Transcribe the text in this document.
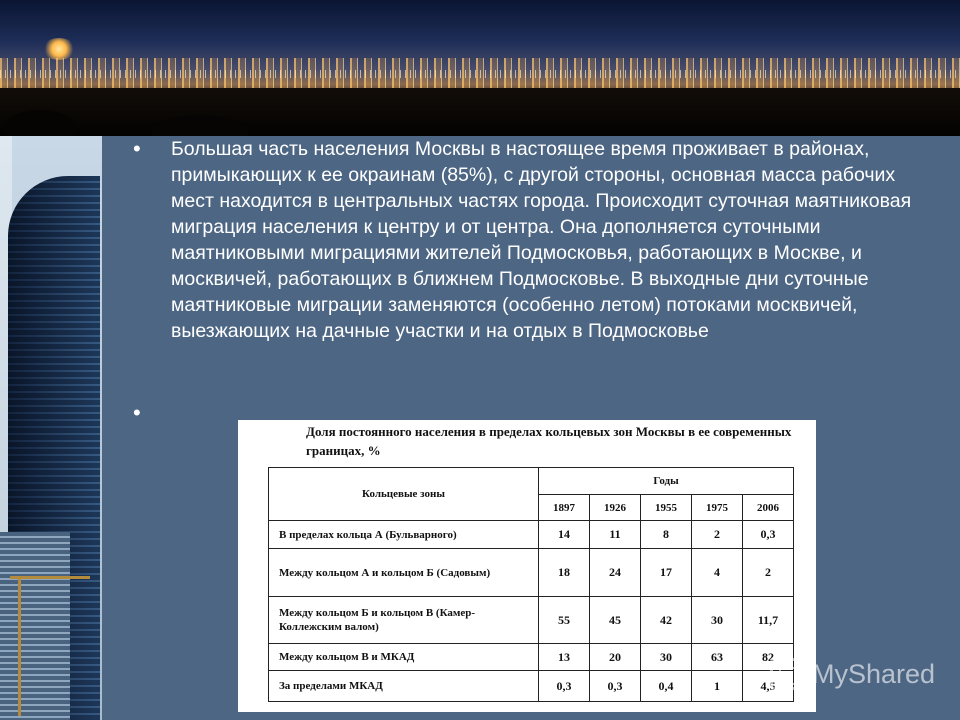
• Большая часть населения Москвы в настоящее время проживает в районах, примыкающих к ее окраинам (85%), с другой стороны, основная масса рабочих мест находится в центральных частях города. Происходит суточная маятниковая миграция населения к центру и от центра. Она дополняется суточными маятниковыми миграциями жителей Подмосковья, работающих в Москве, и москвичей, работающих в ближнем Подмосковье. В выходные дни суточные маятниковые миграции заменяются (особенно летом) потоками москвичей, выезжающих на дачные участки и на отдых в Подмосковье
•
Доля постоянного населения в пределах кольцевых зон Москвы в ее современных границах, %
Кольцевые зоны	Годы				
	1897	1926	1955	1975	2006
В пределах кольца А (Бульварного)	14	11	8	2	0,3
Между кольцом А и кольцом Б (Садовым)	18	24	17	4	2
Между кольцом Б и кольцом В (Камер-Коллежским валом)	55	45	42	30	11,7
Между кольцом В и МКАД	13	20	30	63	82
За пределами МКАД	0,3	0,3	0,4	1	4,5 MyShared
